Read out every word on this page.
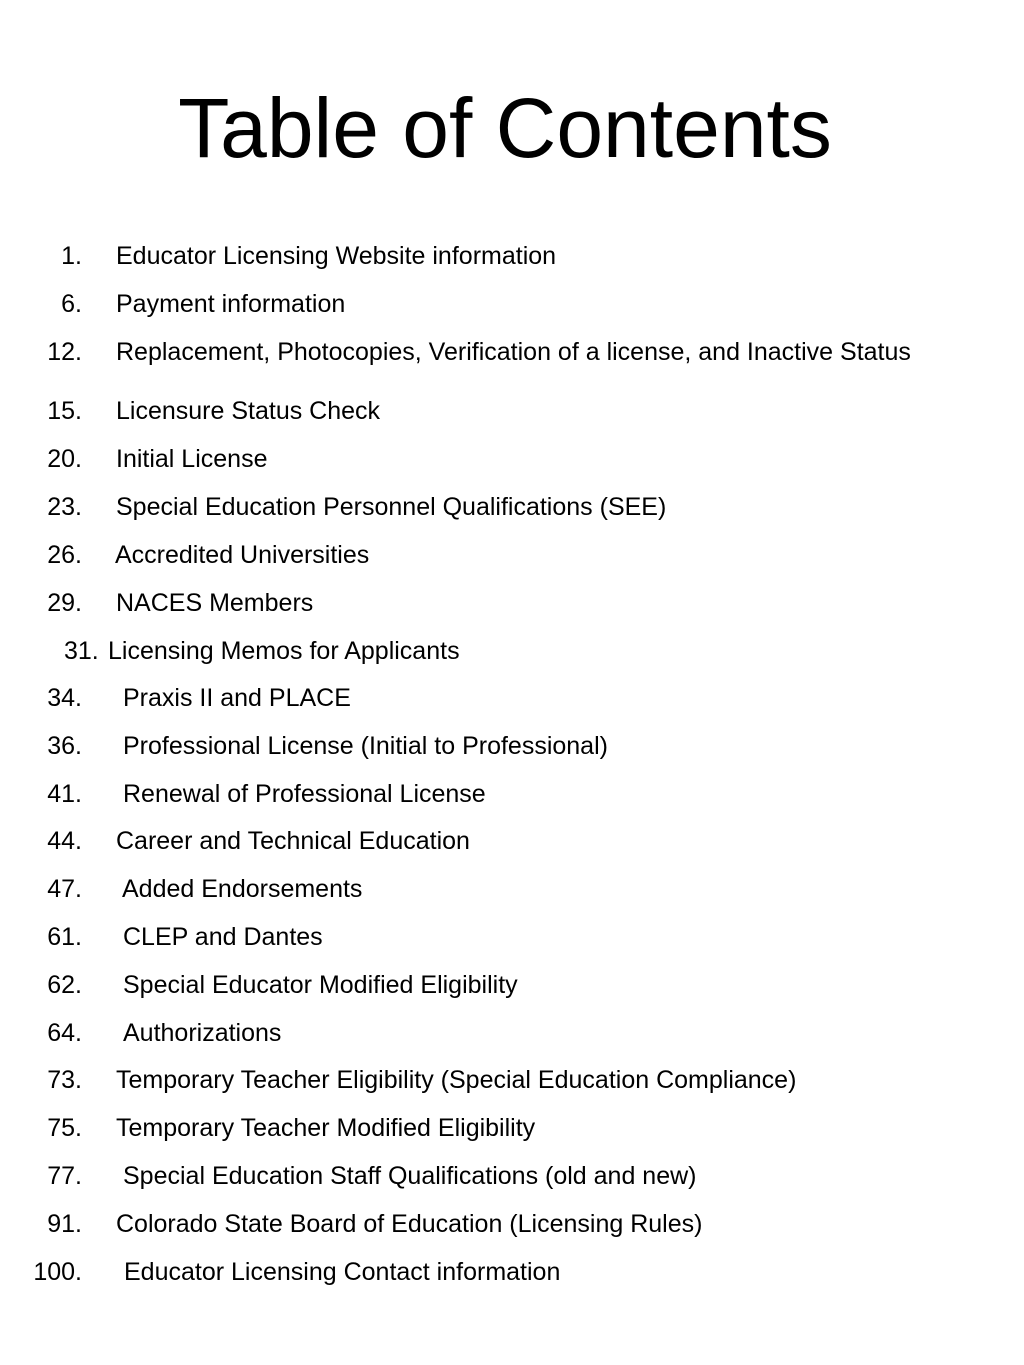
Table of Contents
1. Educator Licensing Website information
6. Payment information
12. Replacement, Photocopies, Verification of a license, and Inactive Status
15. Licensure Status Check
20. Initial License
23. Special Education Personnel Qualifications (SEE)
26. Accredited Universities
29. NACES Members
31. Licensing Memos for Applicants
34. Praxis II and PLACE
36. Professional License (Initial to Professional)
41. Renewal of Professional License
44. Career and Technical Education
47. Added Endorsements
61. CLEP and Dantes
62. Special Educator Modified Eligibility
64. Authorizations
73. Temporary Teacher Eligibility (Special Education Compliance)
75. Temporary Teacher Modified Eligibility
77. Special Education Staff Qualifications (old and new)
91. Colorado State Board of Education (Licensing Rules)
100. Educator Licensing Contact information
